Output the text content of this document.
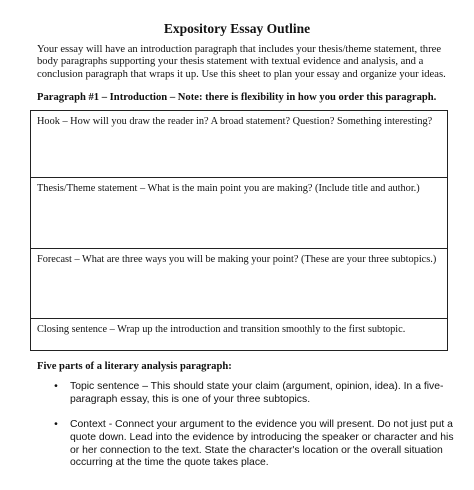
Expository Essay Outline
Your essay will have an introduction paragraph that includes your thesis/theme statement, three
body paragraphs supporting your thesis statement with textual evidence and analysis, and a
conclusion paragraph that wraps it up. Use this sheet to plan your essay and organize your ideas.
Paragraph #1 – Introduction – Note: there is flexibility in how you order this paragraph.
Hook – How will you draw the reader in? A broad statement? Question? Something interesting?
Thesis/Theme statement – What is the main point you are making? (Include title and author.)
Forecast – What are three ways you will be making your point? (These are your three subtopics.)
Closing sentence – Wrap up the introduction and transition smoothly to the first subtopic.
Five parts of a literary analysis paragraph:
• Topic sentence – This should state your claim (argument, opinion, idea). In a five-
paragraph essay, this is one of your three subtopics.
• Context - Connect your argument to the evidence you will present. Do not just put a
quote down. Lead into the evidence by introducing the speaker or character and his
or her connection to the text. State the character's location or the overall situation
occurring at the time the quote takes place.
